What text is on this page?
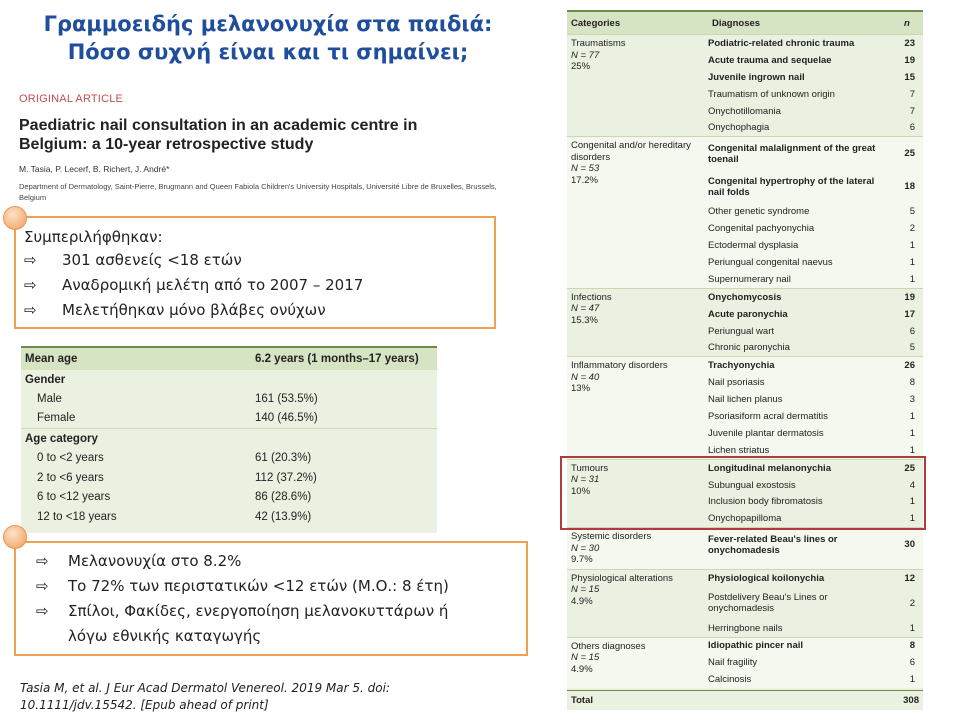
Γραμμοειδής μελανονυχία στα παιδιά:
Πόσο συχνή είναι και τι σημαίνει;
ORIGINAL ARTICLE
Paediatric nail consultation in an academic centre in Belgium: a 10-year retrospective study
M. Tasia, P. Lecerf, B. Richert, J. André*
Department of Dermatology, Saint-Pierre, Brugmann and Queen Fabiola Children's University Hospitals, Université Libre de Bruxelles, Brussels, Belgium
Συμπεριλήφθηκαν:
⇨	301 ασθενείς <18 ετών
⇨	Αναδρομική μελέτη από το 2007 – 2017
⇨	Μελετήθηκαν μόνο βλάβες ονύχων
Mean age	6.2 years (1 months–17 years)
Gender
Male	161 (53.5%)
Female	140 (46.5%)
Age category
0 to <2 years	61 (20.3%)
2 to <6 years	112 (37.2%)
6 to <12 years	86 (28.6%)
12 to <18 years	42 (13.9%)
⇨	Μελανονυχία στο 8.2%
⇨	Το 72% των περιστατικών <12 ετών (Μ.Ο.: 8 έτη)
⇨	Σπίλοι, Φακίδες, ενεργοποίηση μελανοκυττάρων ή
λόγω εθνικής καταγωγής
Categories	Diagnoses	n
Traumatisms
N = 77
25%
Podiatric-related chronic trauma	23
Acute trauma and sequelae	19
Juvenile ingrown nail	15
Traumatism of unknown origin	7
Onychotillomania	7
Onychophagia	6
Congenital and/or hereditary disorders
N = 53
17.2%
Congenital malalignment of the great toenail	25
Congenital hypertrophy of the lateral nail folds	18
Other genetic syndrome	5
Congenital pachyonychia	2
Ectodermal dysplasia	1
Periungual congenital naevus	1
Supernumerary nail	1
Infections
N = 47
15.3%
Onychomycosis	19
Acute paronychia	17
Periungual wart	6
Chronic paronychia	5
Inflammatory disorders
N = 40
13%
Trachyonychia	26
Nail psoriasis	8
Nail lichen planus	3
Psoriasiform acral dermatitis	1
Juvenile plantar dermatosis	1
Lichen striatus	1
Tumours
N = 31
10%
Longitudinal melanonychia	25
Subungual exostosis	4
Inclusion body fibromatosis	1
Onychopapilloma	1
Systemic disorders
N = 30
9.7%
Fever-related Beau's lines or onychomadesis	30
Physiological alterations
N = 15
4.9%
Physiological koilonychia	12
Postdelivery Beau's Lines or onychomadesis	2
Herringbone nails	1
Others diagnoses
N = 15
4.9%
Idiopathic pincer nail	8
Nail fragility	6
Calcinosis	1
Total	308
Tasia M, et al. J Eur Acad Dermatol Venereol. 2019 Mar 5. doi: 10.1111/jdv.15542. [Epub ahead of print]
